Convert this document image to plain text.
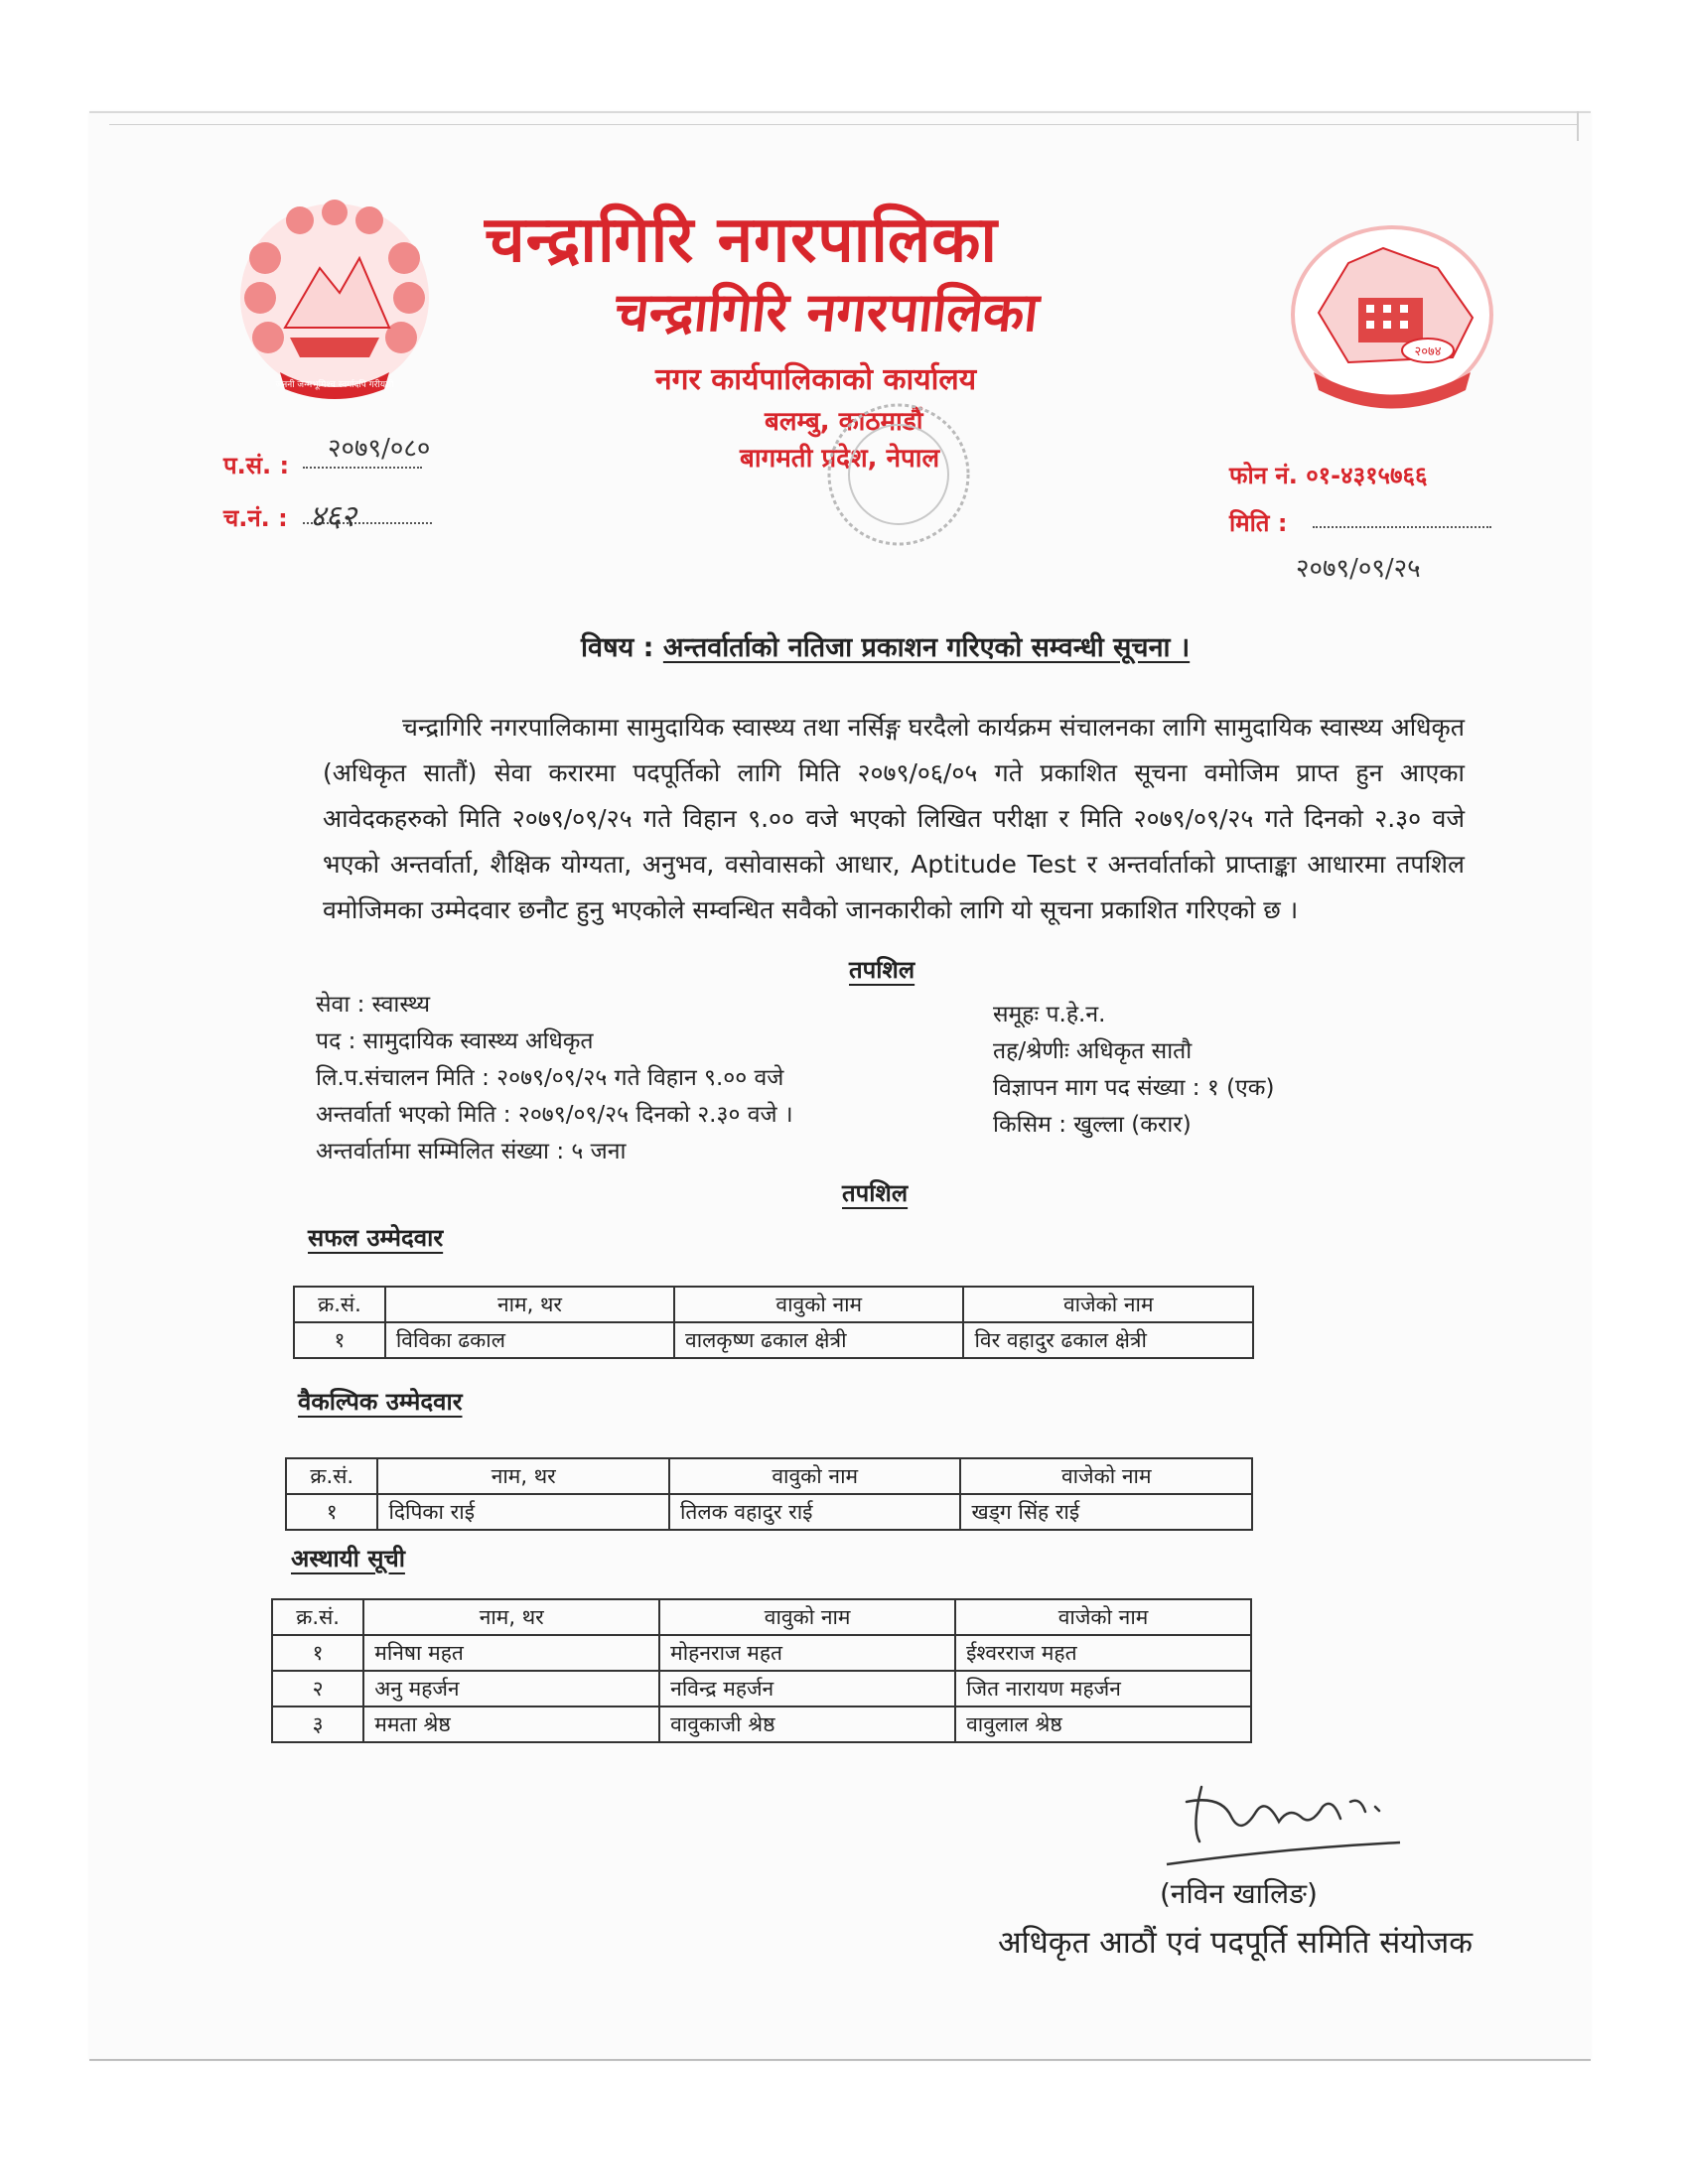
जननी जन्मभूमिश्च स्वर्गादपि गरीयसी
चन्द्रागिरि नगरपालिका
चन्द्रागिरि नगरपालिका
नगर कार्यपालिकाको कार्यालय
बलम्बु, काठमाडौं
बागमती प्रदेश, नेपाल
२०७४
प.सं. :
२०७९/०८०
च.नं. : ४६२
फोन नं. ०१-४३१५७६६
मिति :
२०७९/०९/२५
विषय : अन्तर्वार्ताको नतिजा प्रकाशन गरिएको सम्वन्धी सूचना ।
चन्द्रागिरि नगरपालिकामा सामुदायिक स्वास्थ्य तथा नर्सिङ्ग घरदैलो कार्यक्रम संचालनका लागि सामुदायिक स्वास्थ्य अधिकृत (अधिकृत सातौं) सेवा करारमा पदपूर्तिको लागि मिति २०७९/०६/०५ गते प्रकाशित सूचना वमोजिम प्राप्त हुन आएका आवेदकहरुको मिति २०७९/०९/२५ गते विहान ९.०० वजे भएको लिखित परीक्षा र मिति २०७९/०९/२५ गते दिनको २.३० वजे भएको अन्तर्वार्ता, शैक्षिक योग्यता, अनुभव, वसोवासको आधार, Aptitude Test र अन्तर्वार्ताको प्राप्ताङ्का आधारमा तपशिल वमोजिमका उम्मेदवार छनौट हुनु भएकोले सम्वन्धित सवैको जानकारीको लागि यो सूचना प्रकाशित गरिएको छ ।
तपशिल
सेवा : स्वास्थ्य
पद : सामुदायिक स्वास्थ्य अधिकृत
लि.प.संचालन मिति : २०७९/०९/२५ गते विहान ९.०० वजे
अन्तर्वार्ता भएको मिति : २०७९/०९/२५ दिनको २.३० वजे ।
अन्तर्वार्तामा सम्मिलित संख्या : ५ जना
समूहः प.हे.न.
तह/श्रेणीः अधिकृत सातौ
विज्ञापन माग पद संख्या : १ (एक)
किसिम : खुल्ला (करार)
तपशिल
सफल उम्मेदवार
क्र.सं.	नाम, थर	वावुको नाम	वाजेको नाम
१	विविका ढकाल	वालकृष्ण ढकाल क्षेत्री	विर वहादुर ढकाल क्षेत्री
वैकल्पिक उम्मेदवार
क्र.सं.	नाम, थर	वावुको नाम	वाजेको नाम
१	दिपिका राई	तिलक वहादुर राई	खड्ग सिंह राई
अस्थायी सूची
क्र.सं.	नाम, थर	वावुको नाम	वाजेको नाम
१	मनिषा महत	मोहनराज महत	ईश्वरराज महत
२	अनु महर्जन	नविन्द्र महर्जन	जित नारायण महर्जन
३	ममता श्रेष्ठ	वावुकाजी श्रेष्ठ	वावुलाल श्रेष्ठ
(नविन खालिङ)
अधिकृत आठौं एवं पदपूर्ति समिति संयोजक
